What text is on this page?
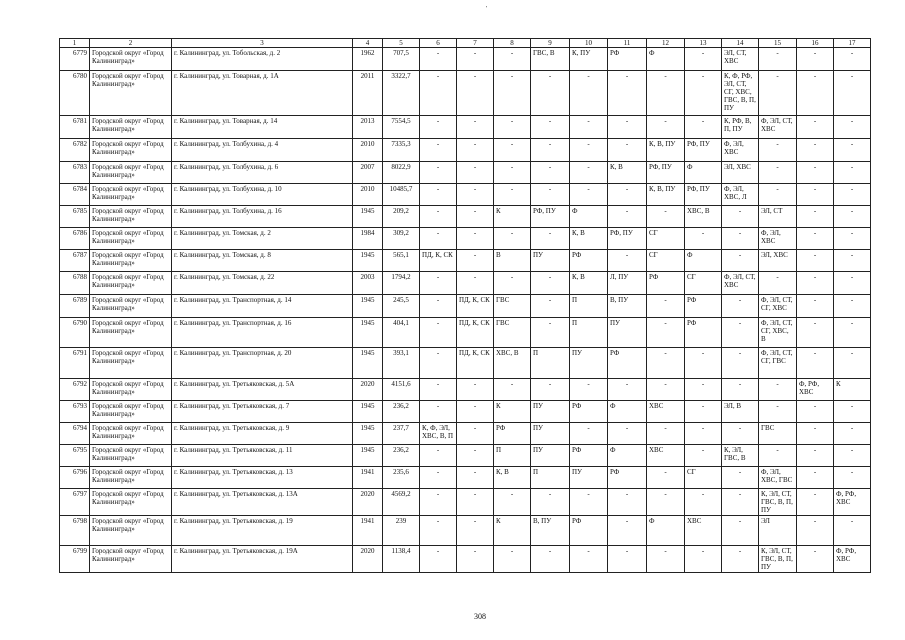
'
1	2	3	4	5	6	7	8	9	10	11	12	13	14	15	16	17
6779	Городской округ «Город Калининград»	г. Калининград, ул. Тобольская, д. 2	1962	707,5	-	-	-	ГВС, В	К, ПУ	РФ	Ф	-	ЭЛ, СТ, ХВС	-	-	-
6780	Городской округ «Город Калининград»	г. Калининград, ул. Товарная, д. 1А	2011	3322,7	-	-	-	-	-	-	-	-	К, Ф, РФ, ЭЛ, СТ, СГ, ХВС, ГВС, В, П, ПУ	-	-	-
6781	Городской округ «Город Калининград»	г. Калининград, ул. Товарная, д. 14	2013	7554,5	-	-	-	-	-	-	-	-	К, РФ, В, П, ПУ	Ф, ЭЛ, СТ, ХВС	-	-
6782	Городской округ «Город Калининград»	г. Калининград, ул. Толбухина, д. 4	2010	7335,3	-	-	-	-	-	-	К, В, ПУ	РФ, ПУ	Ф, ЭЛ, ХВС	-	-	-
6783	Городской округ «Город Калининград»	г. Калининград, ул. Толбухина, д. 6	2007	8022,9	-	-	-	-	-	К, В	РФ, ПУ	Ф	ЭЛ, ХВС	-	-	-
6784	Городской округ «Город Калининград»	г. Калининград, ул. Толбухина, д. 10	2010	10485,7	-	-	-	-	-	-	К, В, ПУ	РФ, ПУ	Ф, ЭЛ, ХВС, Л	-	-	-
6785	Городской округ «Город Калининград»	г. Калининград, ул. Толбухина, д. 16	1945	209,2	-	-	К	РФ, ПУ	Ф	-	-	ХВС, В	-	ЭЛ, СТ	-	-
6786	Городской округ «Город Калининград»	г. Калининград, ул. Томская, д. 2	1984	309,2	-	-	-	-	К, В	РФ, ПУ	СГ	-	-	Ф, ЭЛ, ХВС	-	-
6787	Городской округ «Город Калининград»	г. Калининград, ул. Томская, д. 8	1945	565,1	ПД, К, СК	-	В	ПУ	РФ	-	СГ	Ф	-	ЭЛ, ХВС	-	-
6788	Городской округ «Город Калининград»	г. Калининград, ул. Томская, д. 22	2003	1794,2	-	-	-	-	К, В	Л, ПУ	РФ	СГ	Ф, ЭЛ, СТ, ХВС	-	-	-
6789	Городской округ «Город Калининград»	г. Калининград, ул. Транспортная, д. 14	1945	245,5	-	ПД, К, СК	ГВС	-	П	В, ПУ	-	РФ	-	Ф, ЭЛ, СТ, СГ, ХВС	-	-
6790	Городской округ «Город Калининград»	г. Калининград, ул. Транспортная, д. 16	1945	404,1	-	ПД, К, СК	ГВС	-	П	ПУ	-	РФ	-	Ф, ЭЛ, СТ, СГ, ХВС, В	-	-
6791	Городской округ «Город Калининград»	г. Калининград, ул. Транспортная, д. 20	1945	393,1	-	ПД, К, СК	ХВС, В	П	ПУ	РФ	-	-	-	Ф, ЭЛ, СТ, СГ, ГВС	-	-
6792	Городской округ «Город Калининград»	г. Калининград, ул. Третьяковская, д. 5А	2020	4151,6	-	-	-	-	-	-	-	-	-	-	Ф, РФ, ХВС	К
6793	Городской округ «Город Калининград»	г. Калининград, ул. Третьяковская, д. 7	1945	236,2	-	-	К	ПУ	РФ	Ф	ХВС	-	ЭЛ, В	-	-	-
6794	Городской округ «Город Калининград»	г. Калининград, ул. Третьяковская, д. 9	1945	237,7	К, Ф, ЭЛ, ХВС, В, П	-	РФ	ПУ	-	-	-	-	-	ГВС	-	-
6795	Городской округ «Город Калининград»	г. Калининград, ул. Третьяковская, д. 11	1945	236,2	-	-	П	ПУ	РФ	Ф	ХВС	-	К, ЭЛ, ГВС, В	-	-	-
6796	Городской округ «Город Калининград»	г. Калининград, ул. Третьяковская, д. 13	1941	235,6	-	-	К, В	П	ПУ	РФ	-	СГ	-	Ф, ЭЛ, ХВС, ГВС	-	-
6797	Городской округ «Город Калининград»	г. Калининград, ул. Третьяковская, д. 13А	2020	4569,2	-	-	-	-	-	-	-	-	-	К, ЭЛ, СТ, ГВС, В, П, ПУ	-	Ф, РФ, ХВС
6798	Городской округ «Город Калининград»	г. Калининград, ул. Третьяковская, д. 19	1941	239	-	-	К	В, ПУ	РФ	-	Ф	ХВС	-	ЭЛ	-	-
6799	Городской округ «Город Калининград»	г. Калининград, ул. Третьяковская, д. 19А	2020	1138,4	-	-	-	-	-	-	-	-	-	К, ЭЛ, СТ, ГВС, В, П, ПУ	-	Ф, РФ, ХВС
308
